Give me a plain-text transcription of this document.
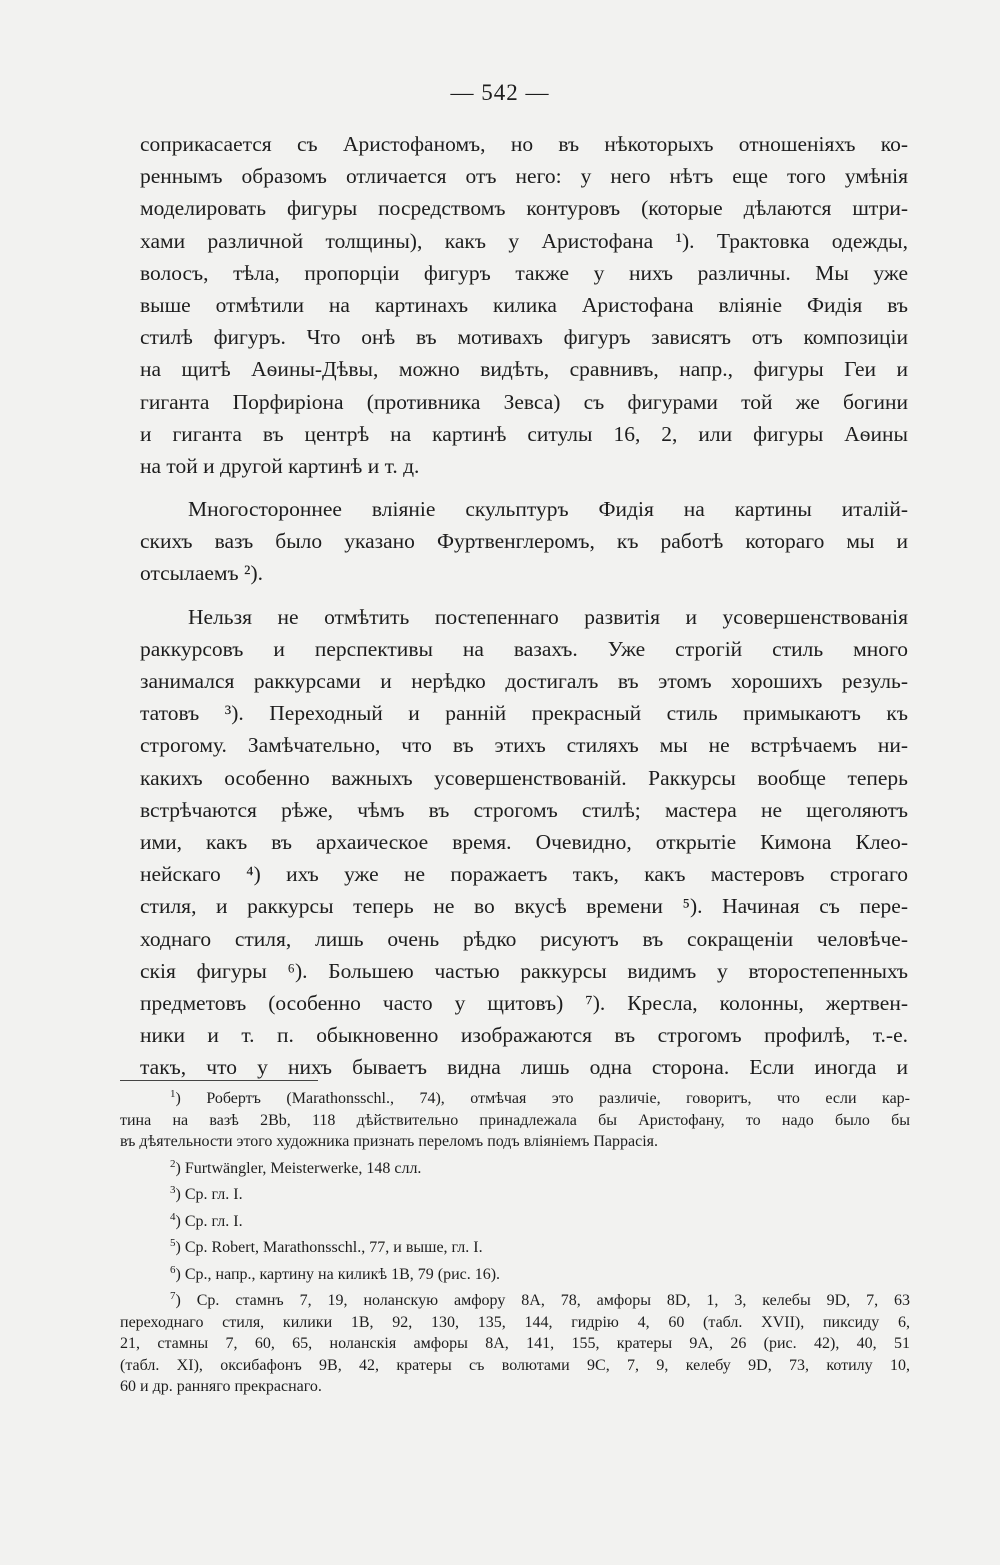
— 542 —
соприкасается съ Аристофаномъ, но въ нѣкоторыхъ отношеніяхъ ко-
реннымъ образомъ отличается отъ него: у него нѣтъ еще того умѣнія
моделировать фигуры посредствомъ контуровъ (которые дѣлаются штри-
хами различной толщины), какъ у Аристофана ¹). Трактовка одежды,
волосъ, тѣла, пропорціи фигуръ также у нихъ различны. Мы уже
выше отмѣтили на картинахъ килика Аристофана вліяніе Фидія въ
стилѣ фигуръ. Что онѣ въ мотивахъ фигуръ зависятъ отъ композиціи
на щитѣ Аѳины-Дѣвы, можно видѣть, сравнивъ, напр., фигуры Геи и
гиганта Порфиріона (противника Зевса) съ фигурами той же богини
и гиганта въ центрѣ на картинѣ ситулы 16, 2, или фигуры Аѳины
на той и другой картинѣ и т. д.
Многостороннее вліяніе скульптуръ Фидія на картины италій-
скихъ вазъ было указано Фуртвенглеромъ, къ работѣ котораго мы и
отсылаемъ ²).
Нельзя не отмѣтить постепеннаго развитія и усовершенствованія
раккурсовъ и перспективы на вазахъ. Уже строгій стиль много
занимался раккурсами и нерѣдко достигалъ въ этомъ хорошихъ резуль-
татовъ ³). Переходный и ранній прекрасный стиль примыкаютъ къ
строгому. Замѣчательно, что въ этихъ стиляхъ мы не встрѣчаемъ ни-
какихъ особенно важныхъ усовершенствованій. Раккурсы вообще теперь
встрѣчаются рѣже, чѣмъ въ строгомъ стилѣ; мастера не щеголяютъ
ими, какъ въ архаическое время. Очевидно, открытіе Кимона Клео-
нейскаго ⁴) ихъ уже не поражаетъ такъ, какъ мастеровъ строгаго
стиля, и раккурсы теперь не во вкусѣ времени ⁵). Начиная съ пере-
ходнаго стиля, лишь очень рѣдко рисуютъ въ сокращеніи человѣче-
скія фигуры ⁶). Большею частью раккурсы видимъ у второстепенныхъ
предметовъ (особенно часто у щитовъ) ⁷). Кресла, колонны, жертвен-
ники и т. п. обыкновенно изображаются въ строгомъ профилѣ, т.-е.
такъ, что у нихъ бываетъ видна лишь одна сторона. Если иногда и
$^1$) Робертъ (Marathonsschl., 74), отмѣчая это различіе, говоритъ, что если кар-
тина на вазѣ 2Bb, 118 дѣйствительно принадлежала бы Аристофану, то надо было бы
въ дѣятельности этого художника признать переломъ подъ вліяніемъ Паррасія.
$^2$) Furtwängler, Meisterwerke, 148 слл.
$^3$) Ср. гл. I.
$^4$) Ср. гл. I.
$^5$) Ср. Robert, Marathonsschl., 77, и выше, гл. I.
$^6$) Ср., напр., картину на киликѣ 1B, 79 (рис. 16).
$^7$) Ср. стамнъ 7, 19, ноланскую амфору 8A, 78, амфоры 8D, 1, 3, келебы 9D, 7, 63
переходнаго стиля, килики 1B, 92, 130, 135, 144, гидрію 4, 60 (табл. XVII), пиксиду 6,
21, стамны 7, 60, 65, ноланскія амфоры 8A, 141, 155, кратеры 9A, 26 (рис. 42), 40, 51
(табл. XI), оксибафонъ 9B, 42, кратеры съ волютами 9C, 7, 9, келебу 9D, 73, котилу 10,
60 и др. ранняго прекраснаго.
